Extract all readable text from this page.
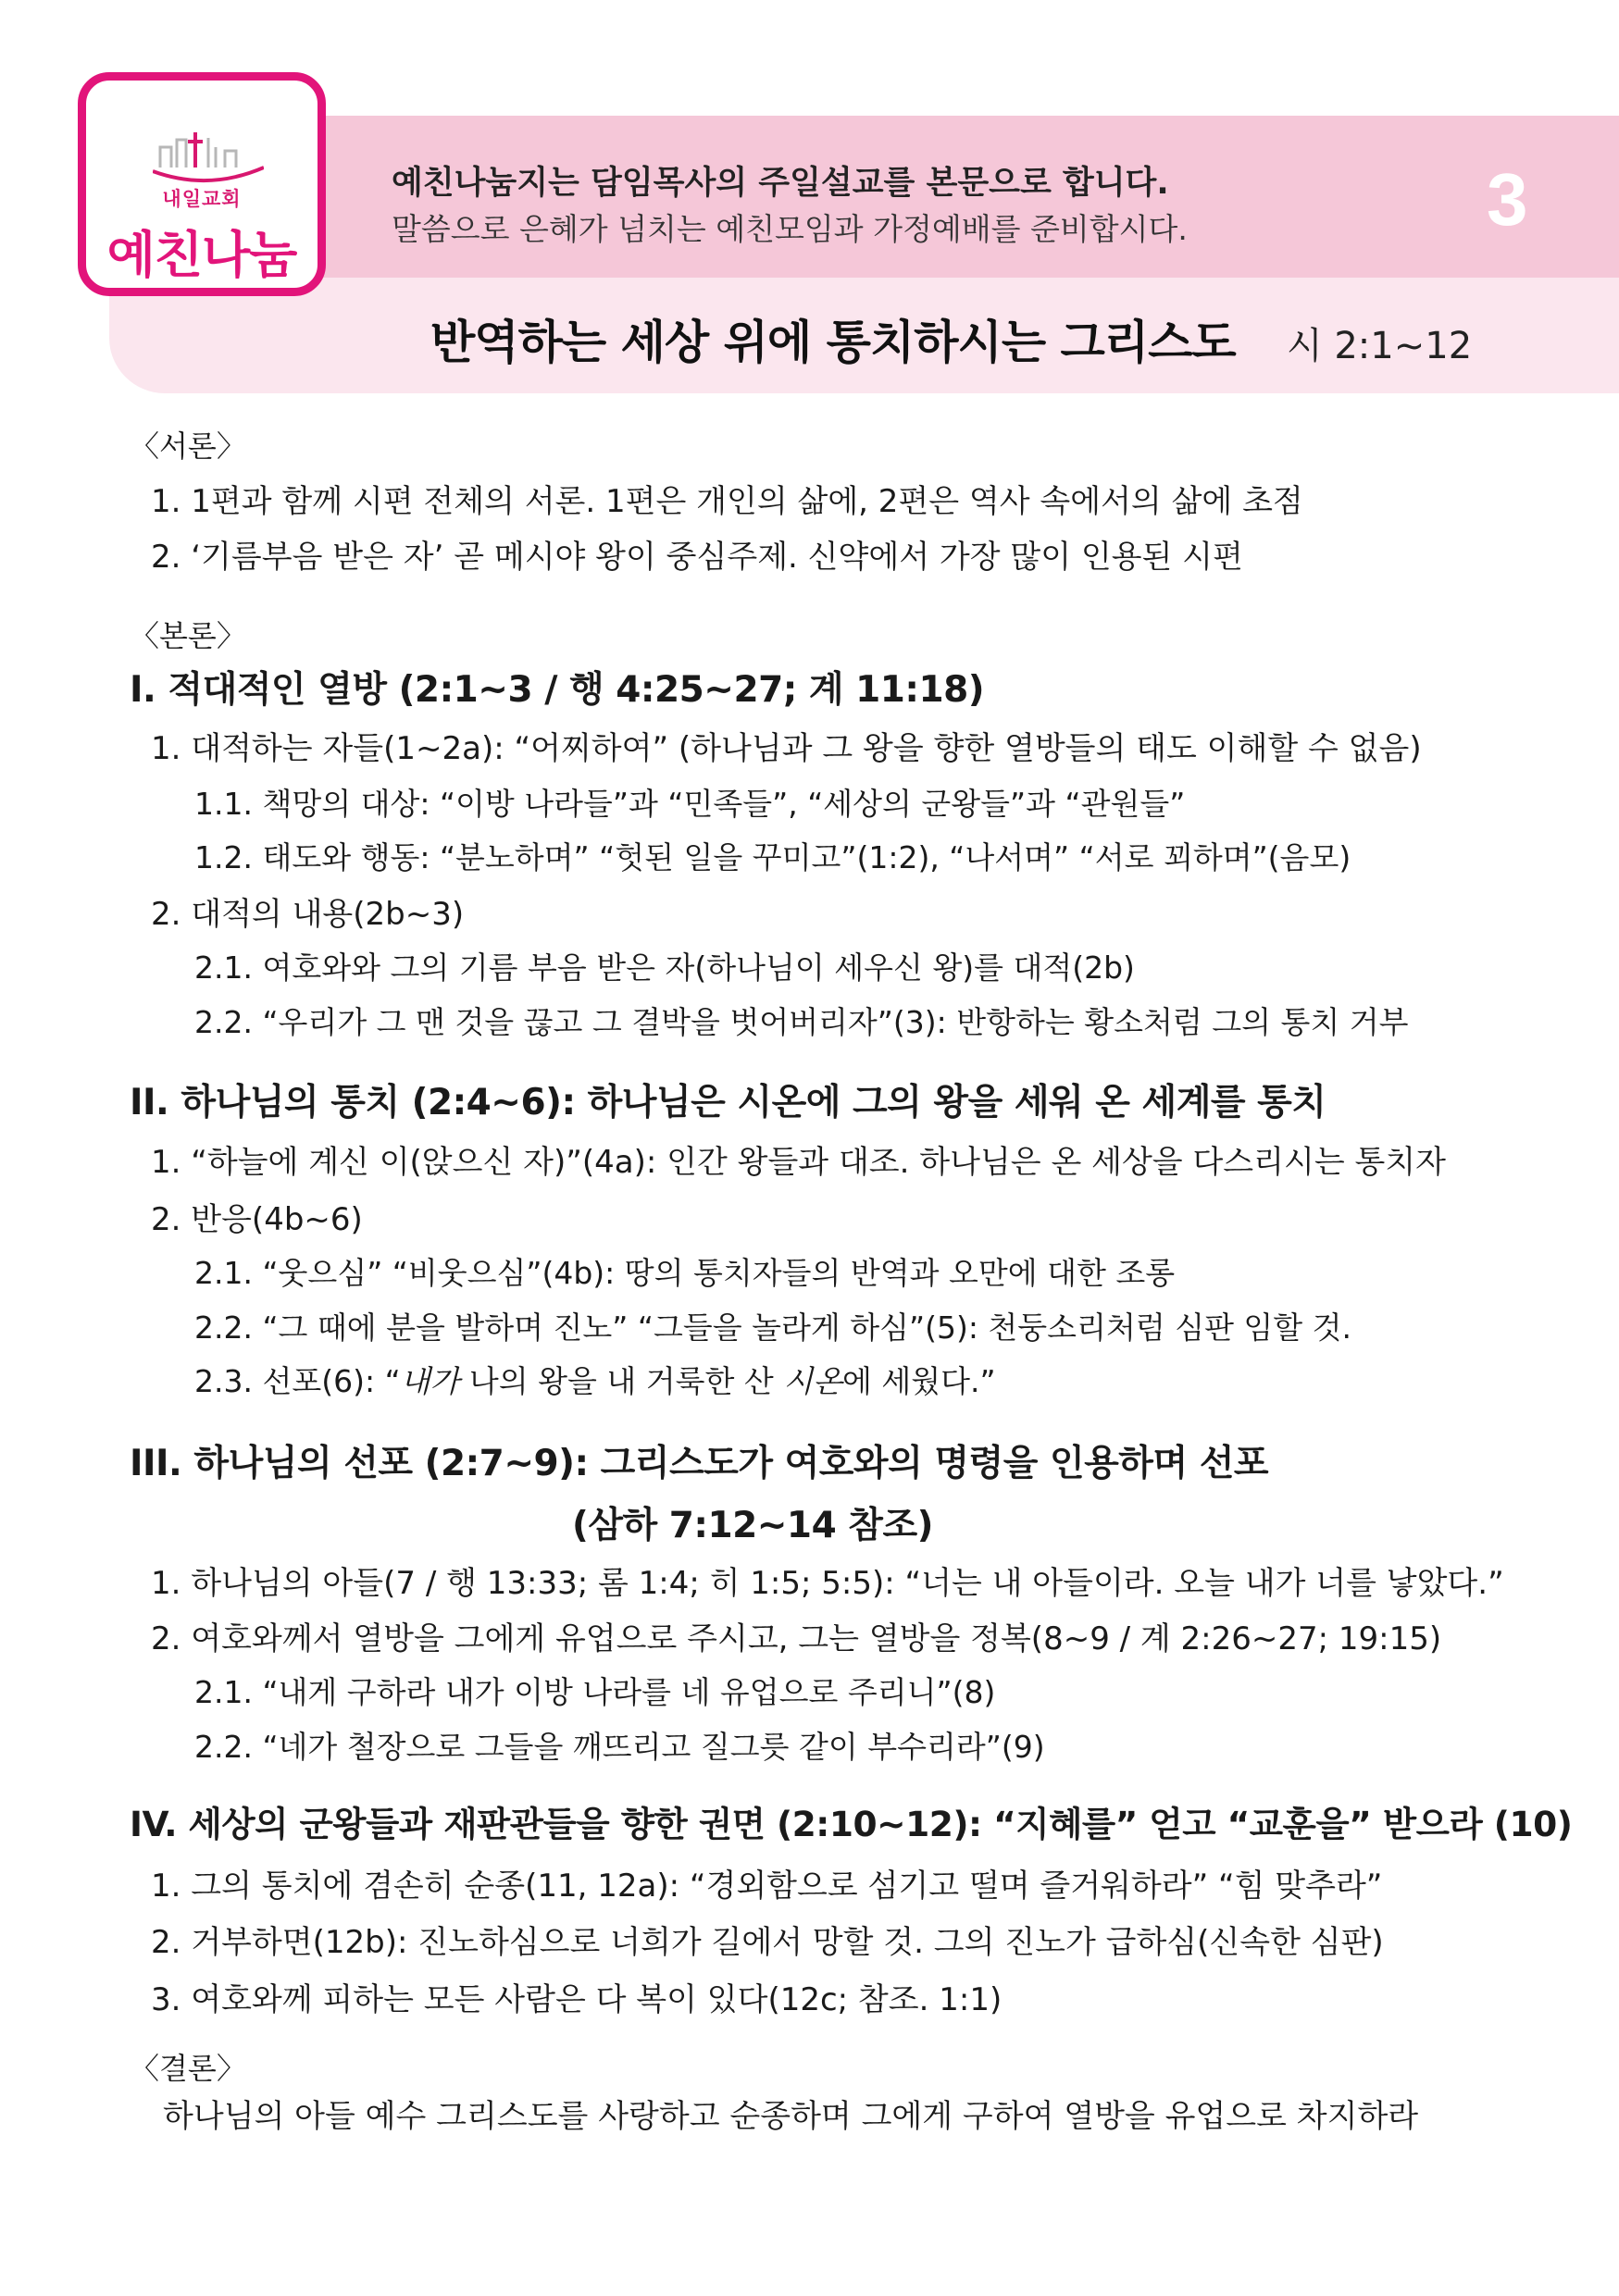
내일교회
예친나눔
예친나눔지는 담임목사의 주일설교를 본문으로 합니다.
말씀으로 은혜가 넘치는 예친모임과 가정예배를 준비합시다.	3
반역하는 세상 위에 통치하시는 그리스도 시 2:1~12
〈서론〉
1. 1편과 함께 시편 전체의 서론. 1편은 개인의 삶에, 2편은 역사 속에서의 삶에 초점
2. ‘기름부음 받은 자’ 곧 메시야 왕이 중심주제. 신약에서 가장 많이 인용된 시편
〈본론〉
I. 적대적인 열방 (2:1~3 / 행 4:25~27; 계 11:18)
1. 대적하는 자들(1~2a): “어찌하여” (하나님과 그 왕을 향한 열방들의 태도 이해할 수 없음)
1.1. 책망의 대상: “이방 나라들”과 “민족들”, “세상의 군왕들”과 “관원들”
1.2. 태도와 행동: “분노하며” “헛된 일을 꾸미고”(1:2), “나서며” “서로 꾀하며”(음모)
2. 대적의 내용(2b~3)
2.1. 여호와와 그의 기름 부음 받은 자(하나님이 세우신 왕)를 대적(2b)
2.2. “우리가 그 맨 것을 끊고 그 결박을 벗어버리자”(3): 반항하는 황소처럼 그의 통치 거부
II. 하나님의 통치 (2:4~6): 하나님은 시온에 그의 왕을 세워 온 세계를 통치
1. “하늘에 계신 이(앉으신 자)”(4a): 인간 왕들과 대조. 하나님은 온 세상을 다스리시는 통치자
2. 반응(4b~6)
2.1. “웃으심” “비웃으심”(4b): 땅의 통치자들의 반역과 오만에 대한 조롱
2.2. “그 때에 분을 발하며 진노” “그들을 놀라게 하심”(5): 천둥소리처럼 심판 임할 것.
2.3. 선포(6): “내가 나의 왕을 내 거룩한 산 시온에 세웠다.”
III. 하나님의 선포 (2:7~9): 그리스도가 여호와의 명령을 인용하며 선포
(삼하 7:12~14 참조)
1. 하나님의 아들(7 / 행 13:33; 롬 1:4; 히 1:5; 5:5): “너는 내 아들이라. 오늘 내가 너를 낳았다.”
2. 여호와께서 열방을 그에게 유업으로 주시고, 그는 열방을 정복(8~9 / 계 2:26~27; 19:15)
2.1. “내게 구하라 내가 이방 나라를 네 유업으로 주리니”(8)
2.2. “네가 철장으로 그들을 깨뜨리고 질그릇 같이 부수리라”(9)
IV. 세상의 군왕들과 재판관들을 향한 권면 (2:10~12): “지혜를” 얻고 “교훈을” 받으라 (10)
1. 그의 통치에 겸손히 순종(11, 12a): “경외함으로 섬기고 떨며 즐거워하라” “힘 맞추라”
2. 거부하면(12b): 진노하심으로 너희가 길에서 망할 것. 그의 진노가 급하심(신속한 심판)
3. 여호와께 피하는 모든 사람은 다 복이 있다(12c; 참조. 1:1)
〈결론〉
하나님의 아들 예수 그리스도를 사랑하고 순종하며 그에게 구하여 열방을 유업으로 차지하라
